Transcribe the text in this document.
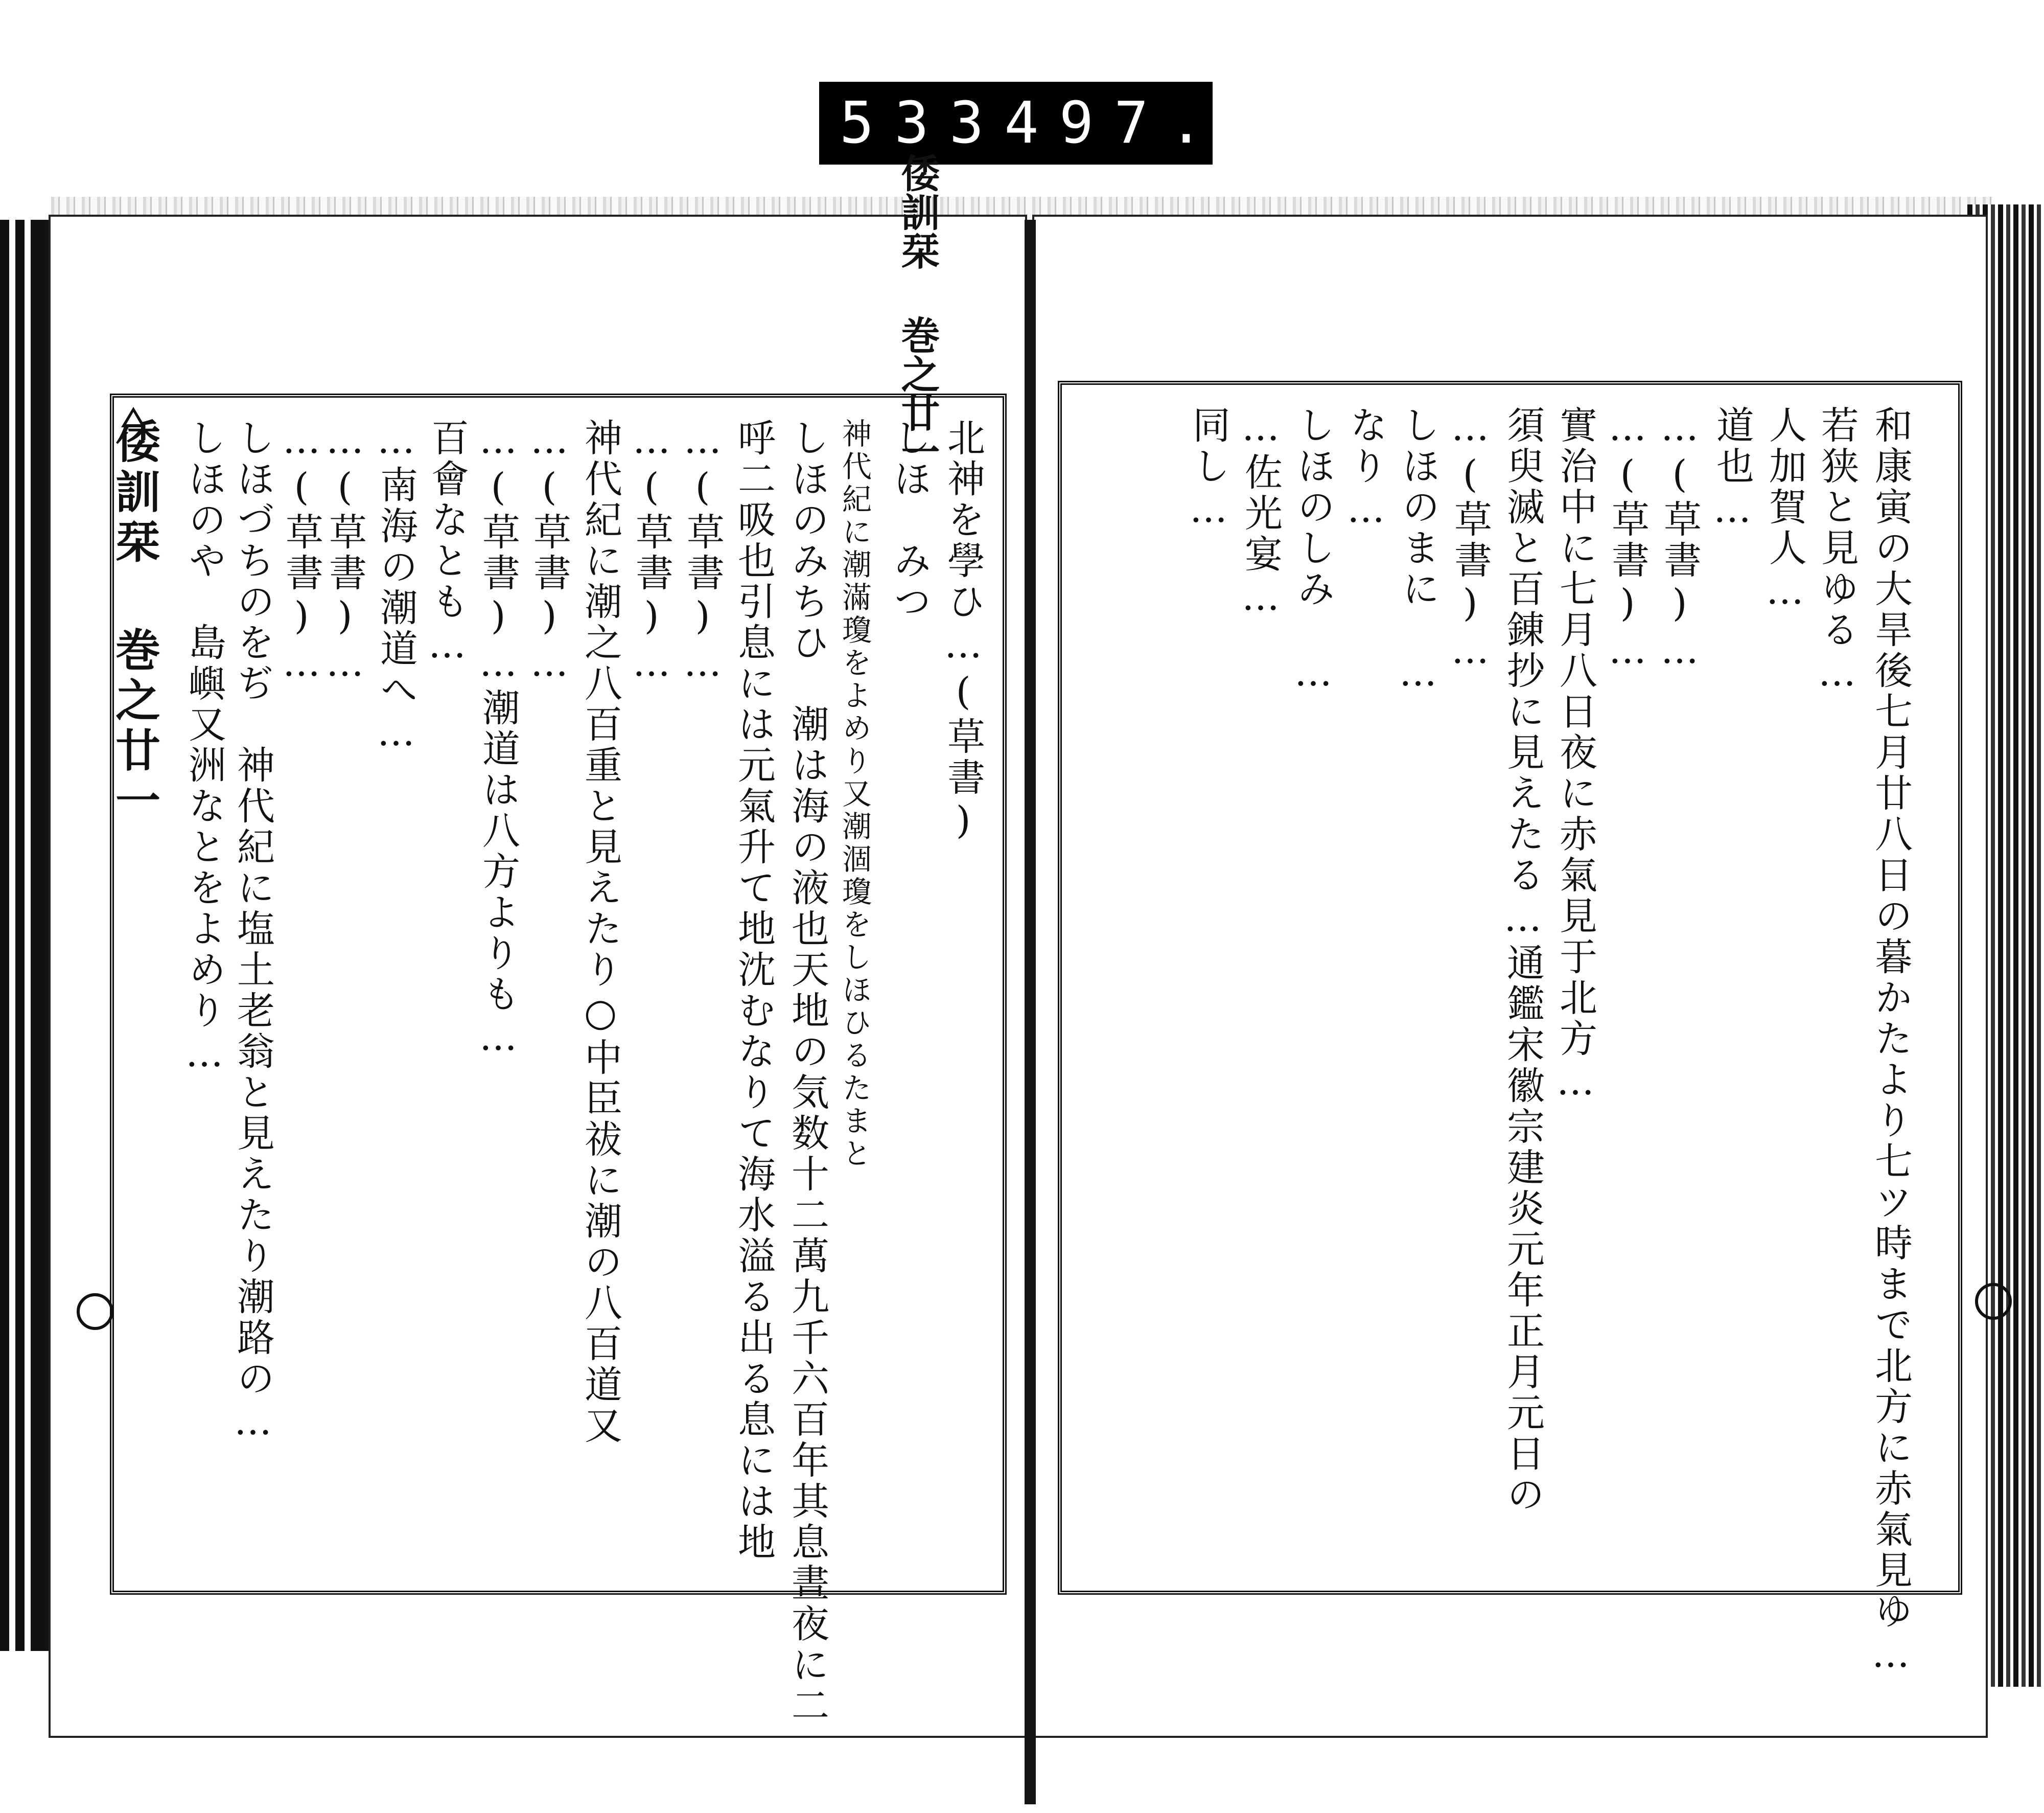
533 497.
倭訓栞 巻之廿一	北神を學ひ…(草書)
しほ　みつ
神代紀に潮滿瓊をよめり又潮涸瓊をしほひるたまと
しほのみちひ　潮は海の液也天地の気数十二萬九千六百年其息晝夜に二
呼二吸也引息には元氣升て地沈むなりて海水溢る出る息には地
…(草書)…
…(草書)…
神代紀に潮之八百重と見えたり○中臣祓に潮の八百道又
…(草書)…
…(草書)…潮道は八方よりも…
百會なとも…
…南海の潮道へ…
…(草書)…
…(草書)…
しほづちのをぢ　神代紀に塩土老翁と見えたり潮路の…
しほのや　島嶼又洲なとをよめり…	和康寅の大旱後七月廿八日の暮かたより七ツ時まで北方に赤氣見ゆ…
若狭と見ゆる…
人加賀人…
道也…
…(草書)…
…(草書)…
實治中に七月八日夜に赤氣見于北方…
須臾滅と百錬抄に見えたる…通鑑宋徽宗建炎元年正月元日の
…(草書)…
しほのまに　…
なり…
しほのしみ　…
…佐光宴…
同し…
倭訓栞 巻之廿一
